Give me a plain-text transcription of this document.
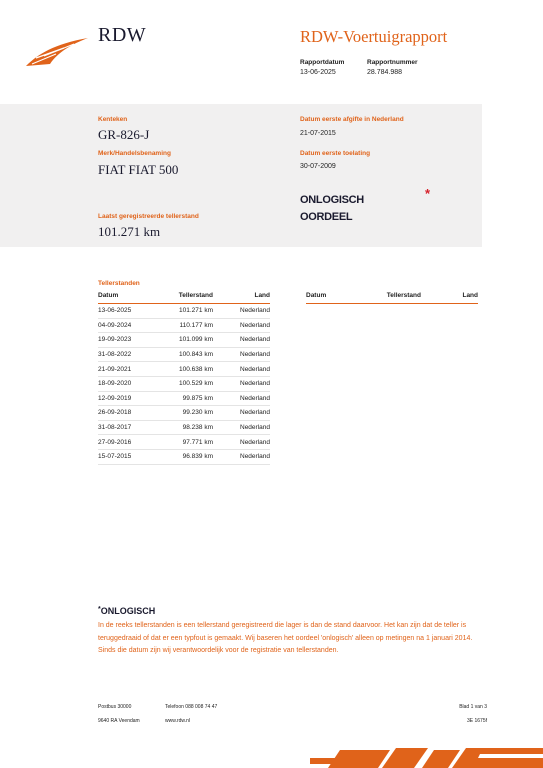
RDW	RDW-Voertuigrapport
Rapportdatum
13-06-2025
Rapportnummer
28.784.988
Kenteken
GR-826-J
Merk/Handelsbenaming
FIAT FIAT 500
Laatst geregistreerde tellerstand
101.271 km
Datum eerste afgifte in Nederland
21-07-2015
Datum eerste toelating
30-07-2009
ONLOGISCH
OORDEEL
*
Tellerstanden
Datum	Tellerstand	Land
13-06-2025	101.271 km	Nederland
04-09-2024	110.177 km	Nederland
19-09-2023	101.099 km	Nederland
31-08-2022	100.843 km	Nederland
21-09-2021	100.638 km	Nederland
18-09-2020	100.529 km	Nederland
12-09-2019	99.875 km	Nederland
26-09-2018	99.230 km	Nederland
31-08-2017	98.238 km	Nederland
27-09-2016	97.771 km	Nederland
15-07-2015	96.839 km	Nederland
Datum	Tellerstand	Land
*ONLOGISCH
In de reeks tellerstanden is een tellerstand geregistreerd die lager is dan de stand daarvoor. Het kan zijn dat de teller is teruggedraaid of dat er een typfout is gemaakt. Wij baseren het oordeel 'onlogisch' alleen op metingen na 1 januari 2014. Sinds die datum zijn wij verantwoordelijk voor de registratie van tellerstanden.
Postbus 30000
9640 RA Veendam
Telefoon 088 008 74 47
www.rdw.nl
Blad 1 van 3
3E 1675f
